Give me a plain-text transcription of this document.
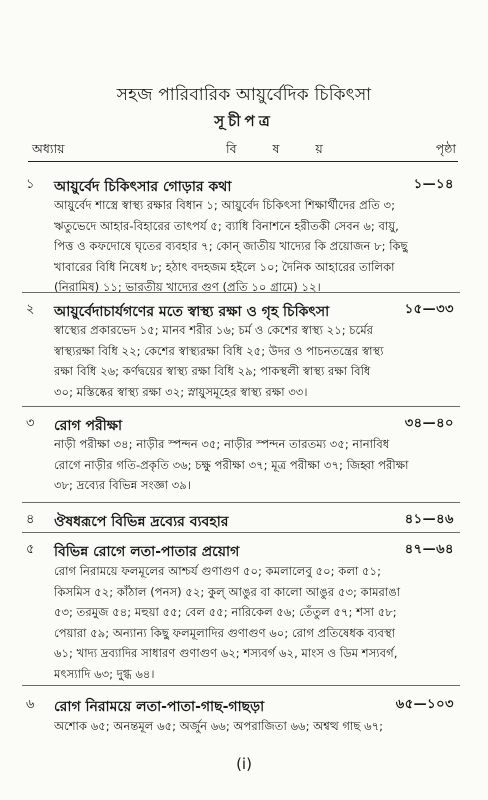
সহজ পারিবারিক আয়ুর্বেদিক চিকিৎসা
সূচীপত্র
অধ্যায়	বিষয়	পৃষ্ঠা
১ আয়ুর্বেদ চিকিৎসার গোড়ার কথা	১—১৪
আয়ুর্বেদ শাস্ত্রে স্বাস্থ্য রক্ষার বিধান ১; আয়ুর্বেদ চিকিৎসা শিক্ষার্থীদের প্রতি ৩;
ঋতুভেদে আহার-বিহারের তাৎপর্য ৫; ব্যাধি বিনাশনে হরীতকী সেবন ৬; বায়ু,
পিত্ত ও কফদোষে ঘৃতের ব্যবহার ৭; কোন্ জাতীয় খাদ্যের কি প্রয়োজন ৮; কিছু
খাবারের বিধি নিষেধ ৮; হঠাৎ বদহজম হইলে ১০; দৈনিক আহারের তালিকা
(নিরামিষ) ১১; ভারতীয় খাদ্যের গুণ (প্রতি ১০ গ্রামে) ১২।
২ আয়ুর্বেদাচার্যগণের মতে স্বাস্থ্য রক্ষা ও গৃহ চিকিৎসা	১৫—৩৩
স্বাস্থ্যের প্রকারভেদ ১৫; মানব শরীর ১৬; চর্ম ও কেশের স্বাস্থ্য ২১; চর্মের
স্বাস্থ্যরক্ষা বিধি ২২; কেশের স্বাস্থ্যরক্ষা বিধি ২৫; উদর ও পাচনতন্ত্রের স্বাস্থ্য
রক্ষা বিধি ২৬; কর্ণদ্বয়ের স্বাস্থ্য রক্ষা বিধি ২৯; পাকস্থলী স্বাস্থ্য রক্ষা বিধি
৩০; মস্তিষ্কের স্বাস্থ্য রক্ষা ৩২; স্নায়ুসমূহের স্বাস্থ্য রক্ষা ৩৩।
৩ রোগ পরীক্ষা	৩৪—৪০
নাড়ী পরীক্ষা ৩৪; নাড়ীর স্পন্দন ৩৫; নাড়ীর স্পন্দন তারতম্য ৩৫; নানাবিধ
রোগে নাড়ীর গতি-প্রকৃতি ৩৬; চক্ষু পরীক্ষা ৩৭; মূত্র পরীক্ষা ৩৭; জিহ্বা পরীক্ষা
৩৮; দ্রব্যের বিভিন্ন সংজ্ঞা ৩৯।
৪ ঔষধরূপে বিভিন্ন দ্রব্যের ব্যবহার	৪১—৪৬
৫ বিভিন্ন রোগে লতা-পাতার প্রয়োগ	৪৭—৬৪
রোগ নিরাময়ে ফলমূলের আশ্চর্য গুণাগুণ ৫০; কমলালেবু ৫০; কলা ৫১;
কিসমিস ৫২; কাঁঠাল (পনস) ৫২; কুল্ আঙুর বা কালো আঙুর ৫৩; কামরাঙা
৫৩; তরমুজ ৫৪; মহুয়া ৫৫; বেল ৫৫; নারিকেল ৫৬; তেঁতুল ৫৭; শসা ৫৮;
পেয়ারা ৫৯; অন্যান্য কিছু ফলমূলাদির গুণাগুণ ৬০; রোগ প্রতিষেধক ব্যবস্থা
৬১; খাদ্য দ্রব্যাদির সাধারণ গুণাগুণ ৬২; শস্যবর্গ ৬২, মাংস ও ডিম শস্যবর্গ,
মৎস্যাদি ৬৩; দুগ্ধ ৬৪।
৬ রোগ নিরাময়ে লতা-পাতা-গাছ-গাছড়া	৬৫—১০৩
অশোক ৬৫; অনন্তমূল ৬৫; অর্জুন ৬৬; অপরাজিতা ৬৬; অশ্বত্থ গাছ ৬৭;
(i)
